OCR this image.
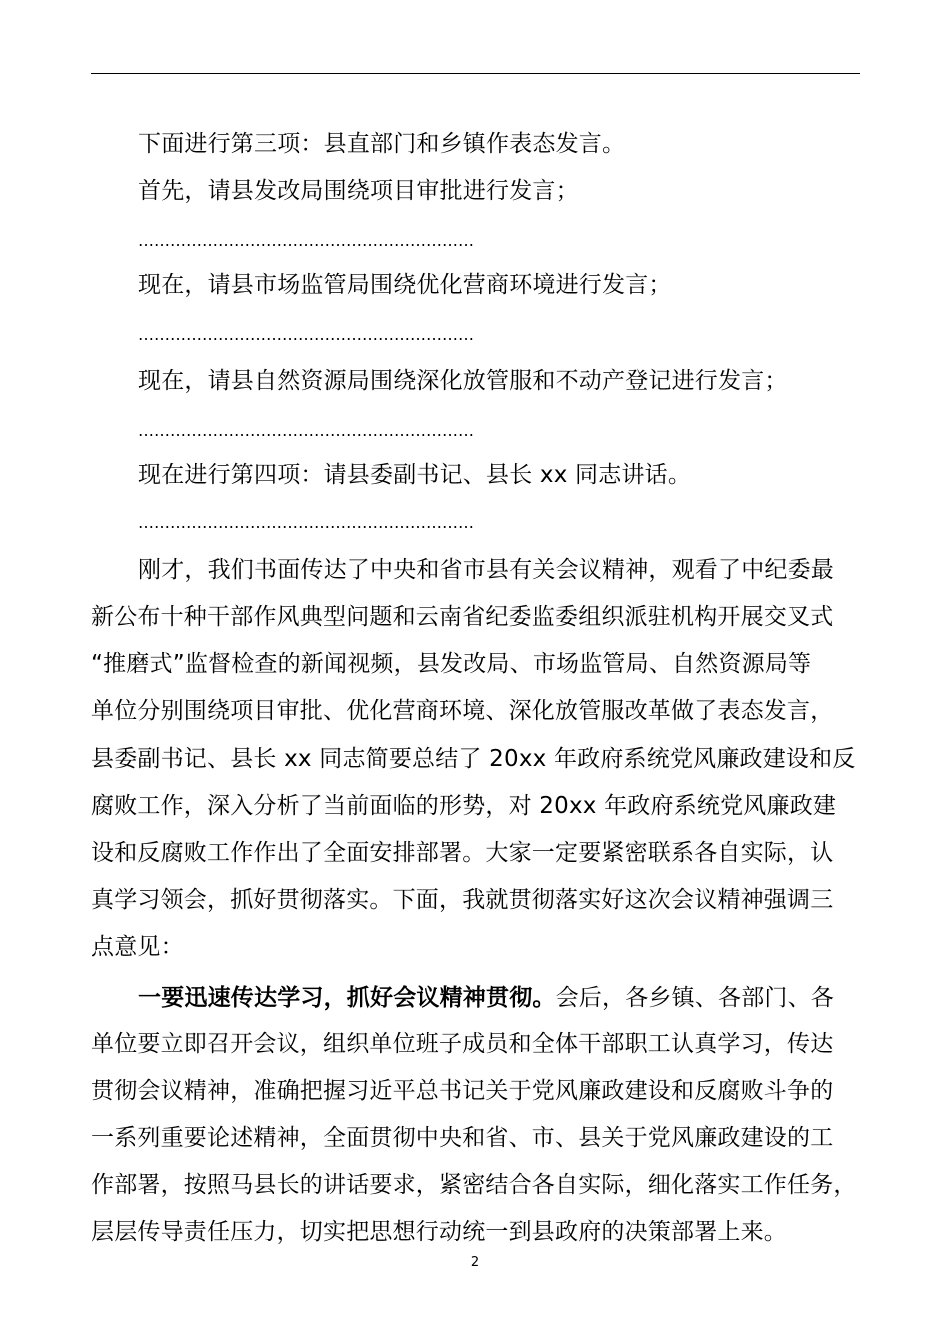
下面进行第三项：县直部门和乡镇作表态发言。
首先，请县发改局围绕项目审批进行发言；
………………………………………………………
现在，请县市场监管局围绕优化营商环境进行发言；
………………………………………………………
现在，请县自然资源局围绕深化放管服和不动产登记进行发言；
………………………………………………………
现在进行第四项：请县委副书记、县长 xx 同志讲话。
………………………………………………………
刚才，我们书面传达了中央和省市县有关会议精神，观看了中纪委最
新公布十种干部作风典型问题和云南省纪委监委组织派驻机构开展交叉式
“推磨式”监督检查的新闻视频，县发改局、市场监管局、自然资源局等
单位分别围绕项目审批、优化营商环境、深化放管服改革做了表态发言，
县委副书记、县长 xx 同志简要总结了 20xx 年政府系统党风廉政建设和反
腐败工作，深入分析了当前面临的形势，对 20xx 年政府系统党风廉政建
设和反腐败工作作出了全面安排部署。大家一定要紧密联系各自实际，认
真学习领会，抓好贯彻落实。下面，我就贯彻落实好这次会议精神强调三
点意见：
一要迅速传达学习，抓好会议精神贯彻。会后，各乡镇、各部门、各
单位要立即召开会议，组织单位班子成员和全体干部职工认真学习，传达
贯彻会议精神，准确把握习近平总书记关于党风廉政建设和反腐败斗争的
一系列重要论述精神，全面贯彻中央和省、市、县关于党风廉政建设的工
作部署，按照马县长的讲话要求，紧密结合各自实际，细化落实工作任务，
层层传导责任压力，切实把思想行动统一到县政府的决策部署上来。
2
